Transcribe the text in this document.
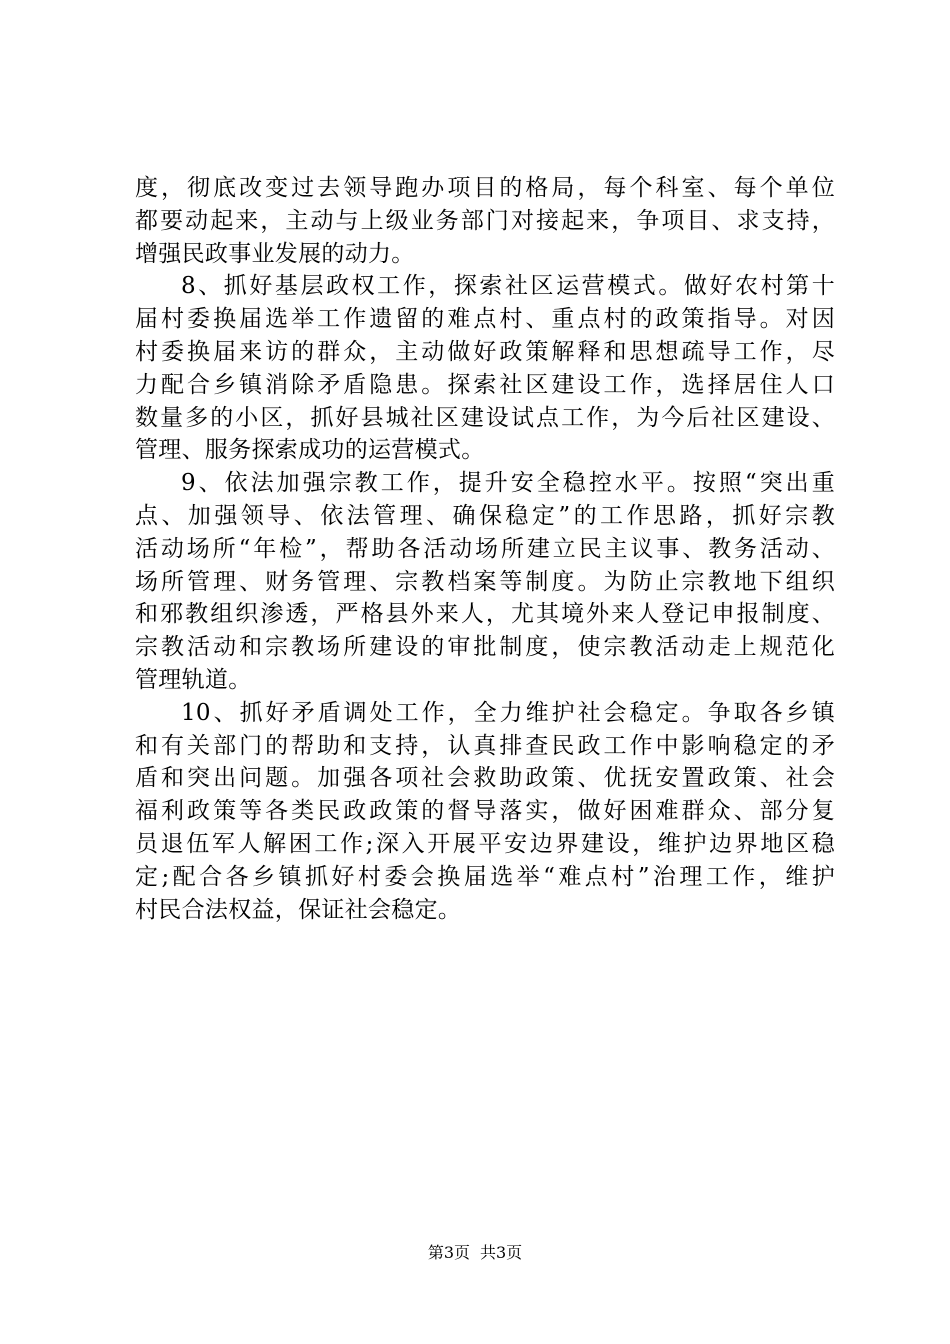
度，彻底改变过去领导跑办项目的格局，每个科室、每个单位
都要动起来，主动与上级业务部门对接起来，争项目、求支持，
增强民政事业发展的动力。
8、抓好基层政权工作，探索社区运营模式。做好农村第十
届村委换届选举工作遗留的难点村、重点村的政策指导。对因
村委换届来访的群众，主动做好政策解释和思想疏导工作，尽
力配合乡镇消除矛盾隐患。探索社区建设工作，选择居住人口
数量多的小区，抓好县城社区建设试点工作，为今后社区建设、
管理、服务探索成功的运营模式。
9、依法加强宗教工作，提升安全稳控水平。按照“突出重
点、加强领导、依法管理、确保稳定”的工作思路，抓好宗教
活动场所“年检”，帮助各活动场所建立民主议事、教务活动、
场所管理、财务管理、宗教档案等制度。为防止宗教地下组织
和邪教组织渗透，严格县外来人，尤其境外来人登记申报制度、
宗教活动和宗教场所建设的审批制度，使宗教活动走上规范化
管理轨道。
10、抓好矛盾调处工作，全力维护社会稳定。争取各乡镇
和有关部门的帮助和支持，认真排查民政工作中影响稳定的矛
盾和突出问题。加强各项社会救助政策、优抚安置政策、社会
福利政策等各类民政政策的督导落实，做好困难群众、部分复
员退伍军人解困工作;深入开展平安边界建设，维护边界地区稳
定;配合各乡镇抓好村委会换届选举“难点村”治理工作，维护
村民合法权益，保证社会稳定。
第3页 共3页
